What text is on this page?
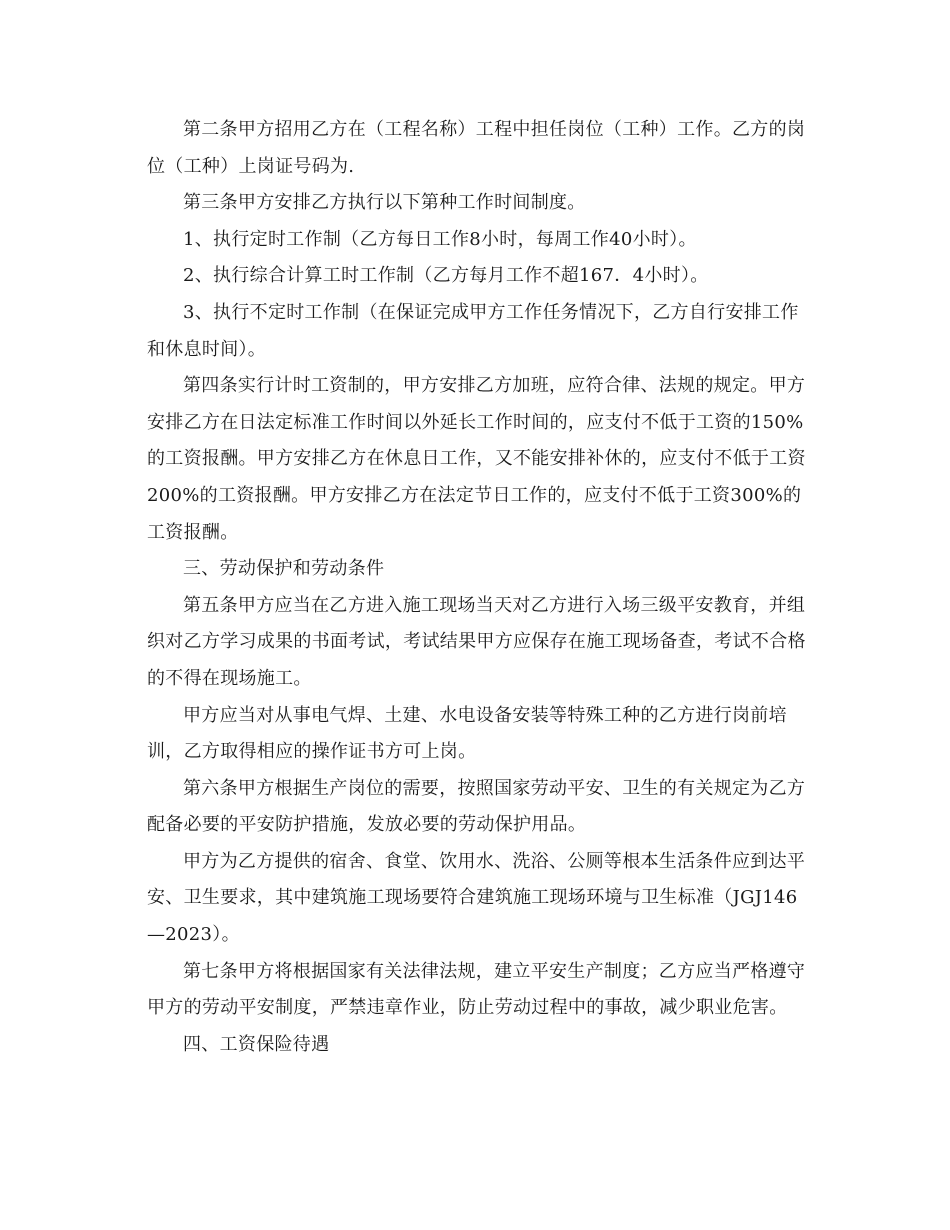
第二条甲方招用乙方在（工程名称）工程中担任岗位（工种）工作。乙方的岗位（工种）上岗证号码为.

第三条甲方安排乙方执行以下第种工作时间制度。

1、执行定时工作制（乙方每日工作8小时，每周工作40小时）。

2、执行综合计算工时工作制（乙方每月工作不超167．4小时）。

3、执行不定时工作制（在保证完成甲方工作任务情况下，乙方自行安排工作和休息时间）。

第四条实行计时工资制的，甲方安排乙方加班，应符合律、法规的规定。甲方安排乙方在日法定标准工作时间以外延长工作时间的，应支付不低于工资的150%的工资报酬。甲方安排乙方在休息日工作，又不能安排补休的，应支付不低于工资200%的工资报酬。甲方安排乙方在法定节日工作的，应支付不低于工资300%的工资报酬。

三、劳动保护和劳动条件

第五条甲方应当在乙方进入施工现场当天对乙方进行入场三级平安教育，并组织对乙方学习成果的书面考试，考试结果甲方应保存在施工现场备查，考试不合格的不得在现场施工。

甲方应当对从事电气焊、土建、水电设备安装等特殊工种的乙方进行岗前培训，乙方取得相应的操作证书方可上岗。

第六条甲方根据生产岗位的需要，按照国家劳动平安、卫生的有关规定为乙方配备必要的平安防护措施，发放必要的劳动保护用品。

甲方为乙方提供的宿舍、食堂、饮用水、洗浴、公厕等根本生活条件应到达平安、卫生要求，其中建筑施工现场要符合建筑施工现场环境与卫生标准（JGJ146—2023）。

第七条甲方将根据国家有关法律法规，建立平安生产制度；乙方应当严格遵守甲方的劳动平安制度，严禁违章作业，防止劳动过程中的事故，减少职业危害。

四、工资保险待遇
